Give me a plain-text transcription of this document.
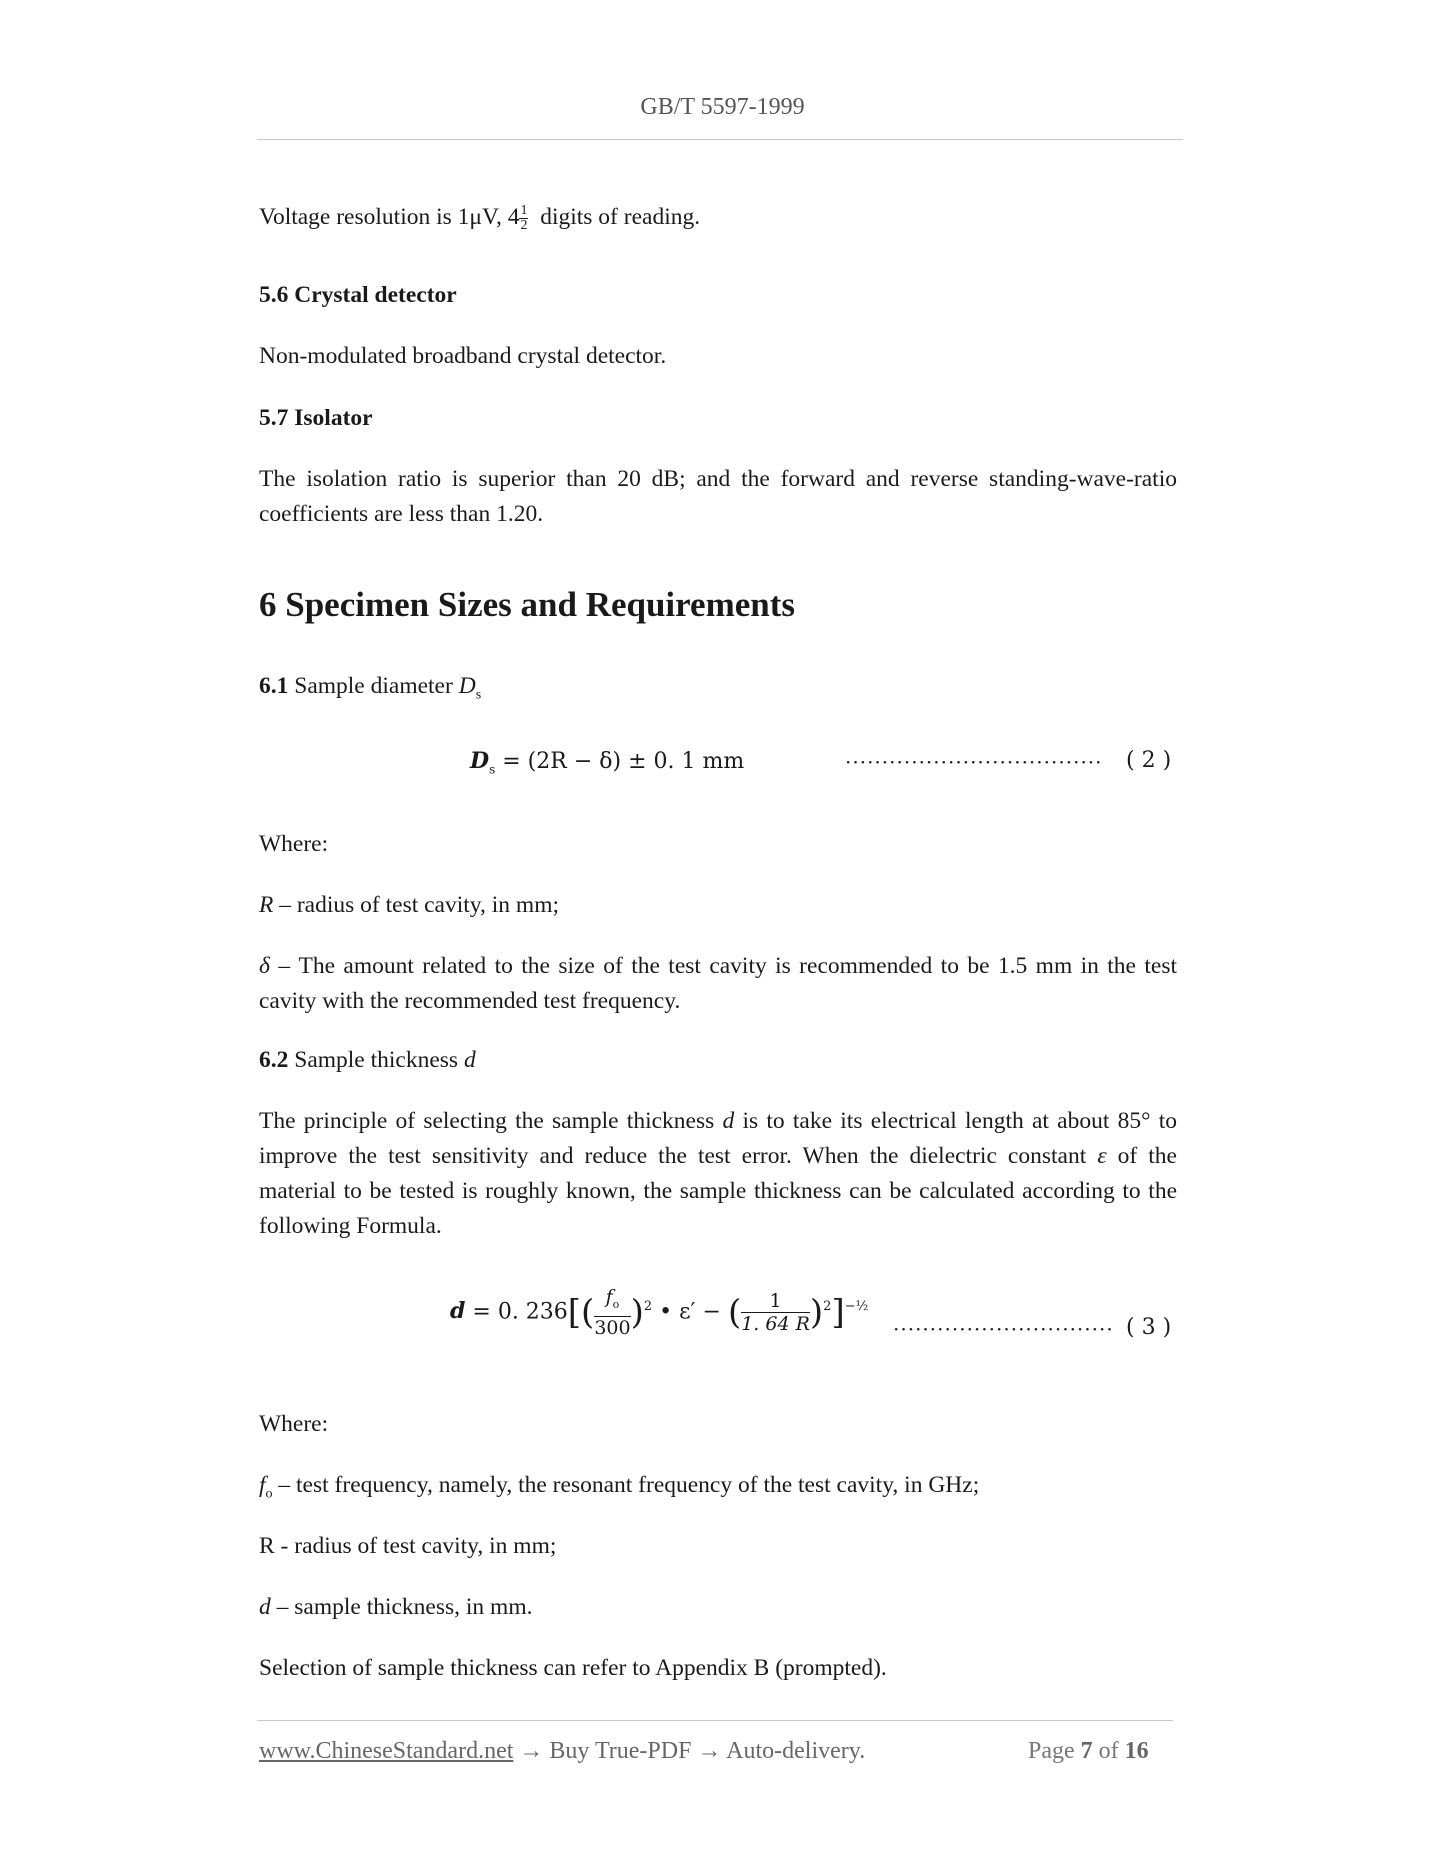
GB/T 5597-1999
Voltage resolution is 1μV, $4 \frac{1}{2}$ digits of reading.
5.6 Crystal detector
Non-modulated broadband crystal detector.
5.7 Isolator
The isolation ratio is superior than 20 dB; and the forward and reverse standing-wave-ratio coefficients are less than 1.20.
6 Specimen Sizes and Requirements
6.1 Sample diameter $D_s$
$D_s = (2R - \delta) \pm 0$. 1 mm	··································· ( 2 )
Where:
R – radius of test cavity, in mm;
δ – The amount related to the size of the test cavity is recommended to be 1.5 mm in the test cavity with the recommended test frequency.
6.2 Sample thickness d
The principle of selecting the sample thickness d is to take its electrical length at about 85° to improve the test sensitivity and reduce the test error. When the dielectric constant ε of the material to be tested is roughly known, the sample thickness can be calculated according to the following Formula.
d = 0. $236[( \frac{f_o}{300} )^2$ • ε′ − ( $\frac{1}{1. 64 R} )^2]^{-\frac{1}{2}}$
······························ ( 3 )
Where:
$f_o$ – test frequency, namely, the resonant frequency of the test cavity, in GHz;
R - radius of test cavity, in mm;
d – sample thickness, in mm.
Selection of sample thickness can refer to Appendix B (prompted).
www.ChineseStandard.net → Buy True-PDF → Auto-delivery.	Page 7 of 16
